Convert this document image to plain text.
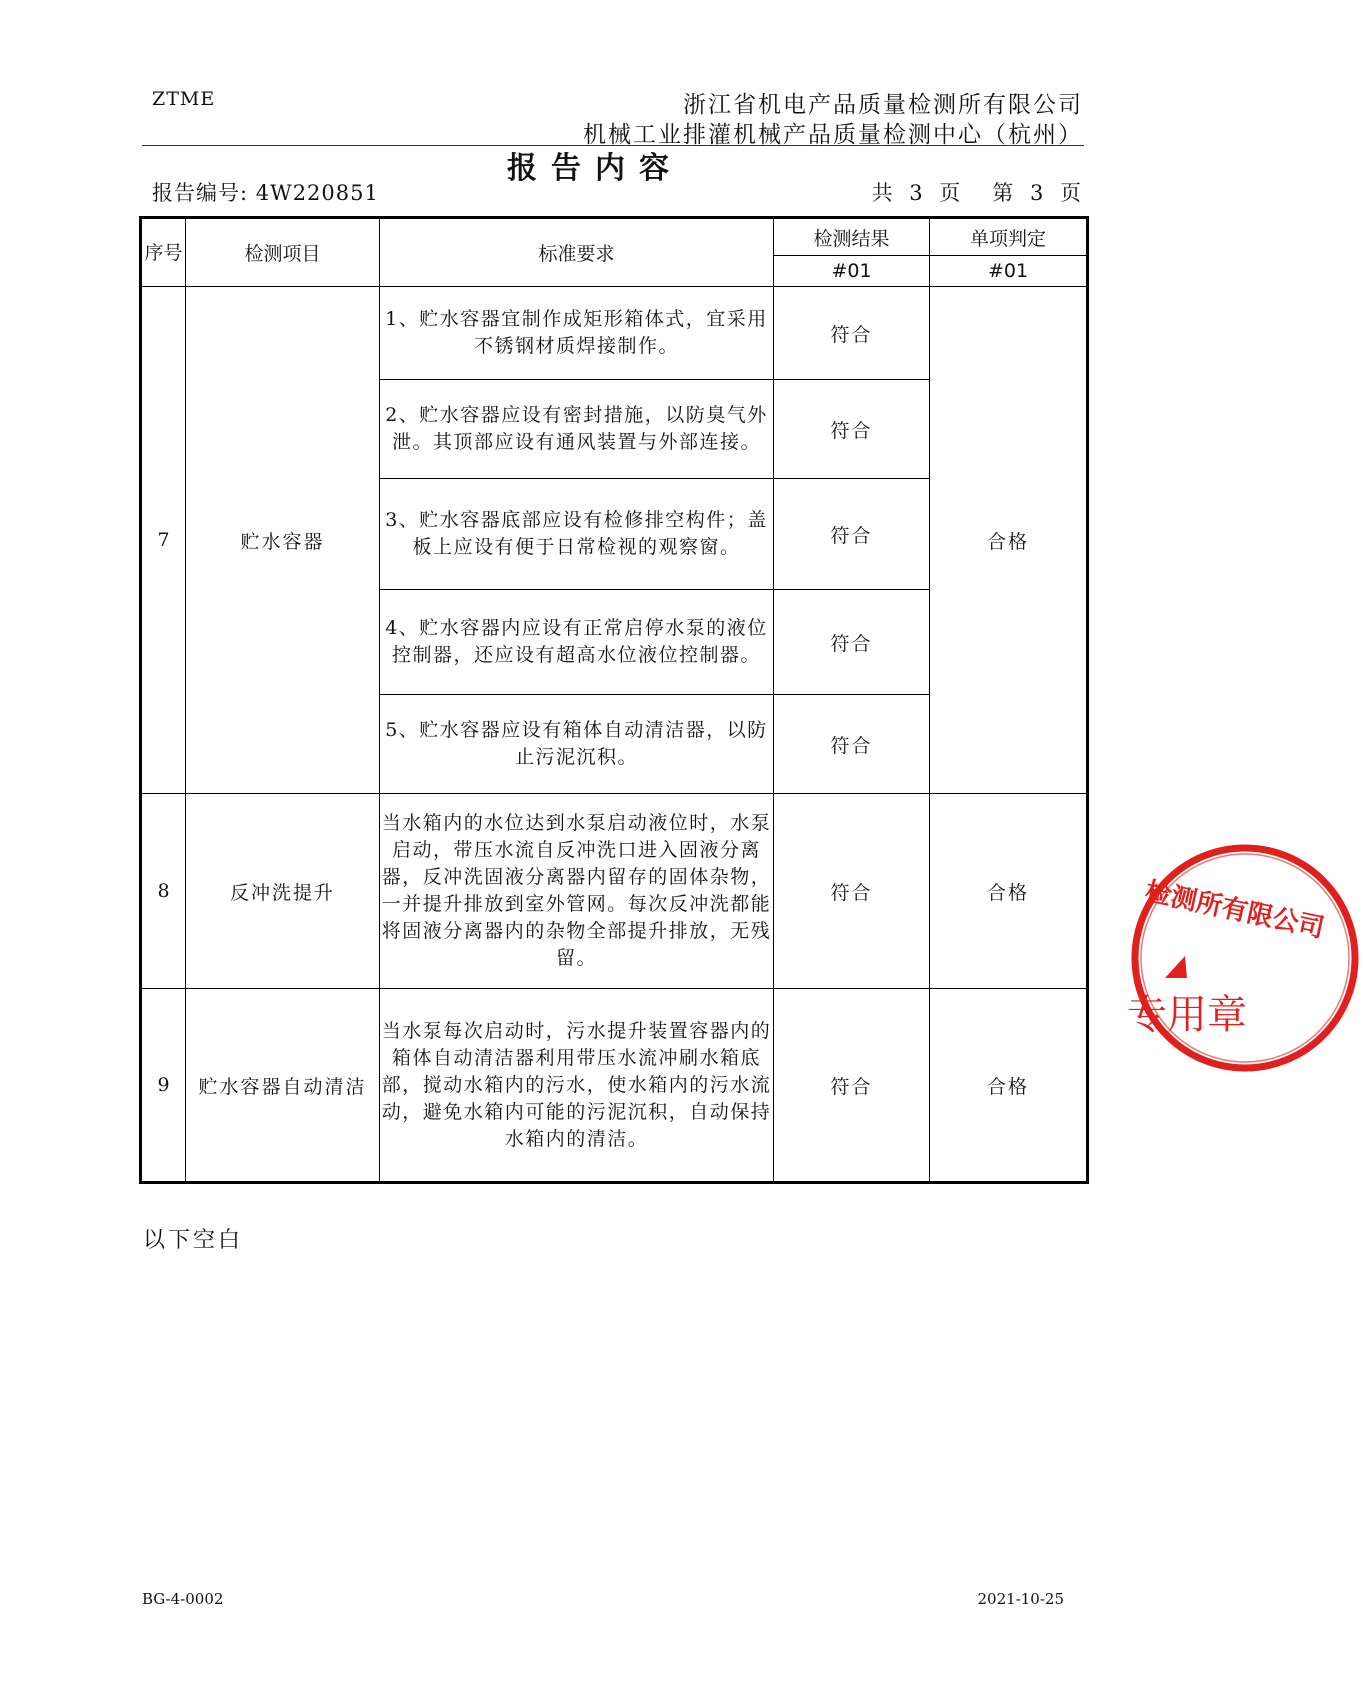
ZTME	浙江省机电产品质量检测所有限公司
机械工业排灌机械产品质量检测中心（杭州）
报告内容
报告编号: 4W220851	共 3 页 第 3 页
序号	检测项目	标准要求	检测结果	单项判定
			#01	#01
7	贮水容器	1、贮水容器宜制作成矩形箱体式，宜采用不锈钢材质焊接制作。	符合	合格
		2、贮水容器应设有密封措施，以防臭气外泄。其顶部应设有通风装置与外部连接。	符合	
		3、贮水容器底部应设有检修排空构件；盖板上应设有便于日常检视的观察窗。	符合	
		4、贮水容器内应设有正常启停水泵的液位控制器，还应设有超高水位液位控制器。	符合	
		5、贮水容器应设有箱体自动清洁器，以防止污泥沉积。	符合	
8	反冲洗提升	当水箱内的水位达到水泵启动液位时，水泵启动，带压水流自反冲洗口进入固液分离器，反冲洗固液分离器内留存的固体杂物，一并提升排放到室外管网。每次反冲洗都能将固液分离器内的杂物全部提升排放，无残留。	符合	合格
9	贮水容器自动清洁	当水泵每次启动时，污水提升装置容器内的箱体自动清洁器利用带压水流冲刷水箱底部，搅动水箱内的污水，使水箱内的污水流动，避免水箱内可能的污泥沉积，自动保持水箱内的清洁。	符合	合格
以下空白
检测所有限公司
专用章
BG-4-0002	2021-10-25
